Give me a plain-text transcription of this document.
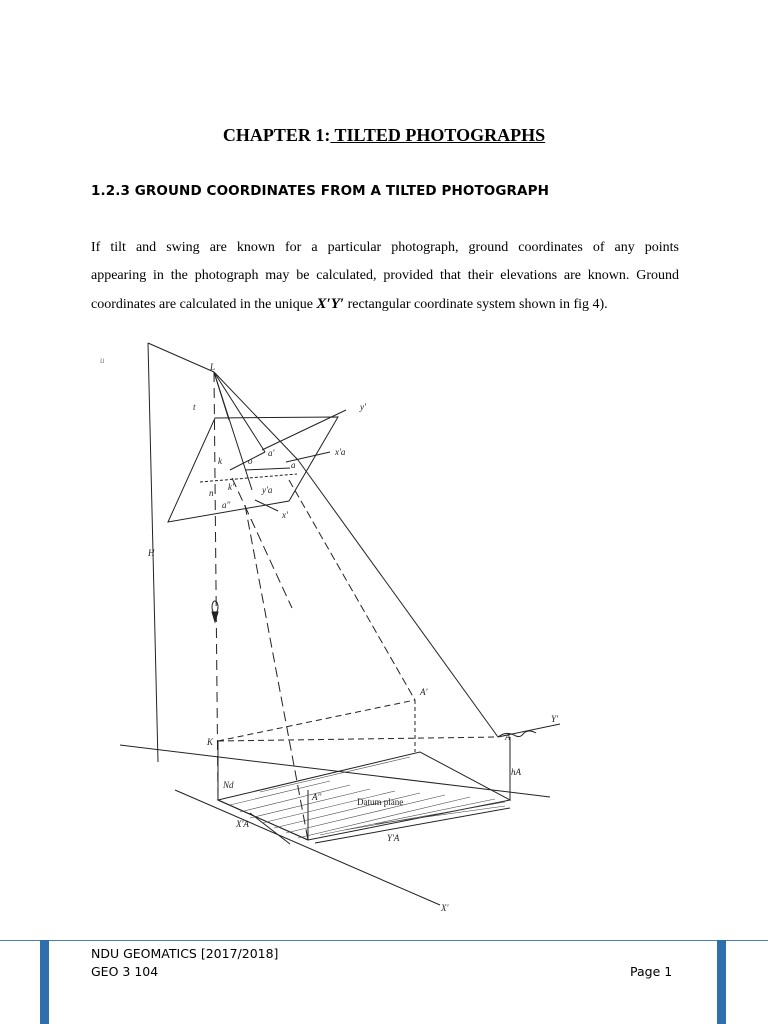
CHAPTER 1: TILTED PHOTOGRAPHS
1.2.3 GROUND COORDINATES FROM A TILTED PHOTOGRAPH
If tilt and swing are known for a particular photograph, ground coordinates of any points
appearing in the photograph may be calculated, provided that their elevations are known. Ground
coordinates are calculated in the unique X′Y′ rectangular coordinate system shown in fig 4).
L
t	y'
k	o
a'
a
x'a
n
k'	y'a
a''
x'
H
A'
Y'
K	A
hA
Nd
A''	Datum plane
X'A
Y'A
X'
u
NDU GEOMATICS [2017/2018]
GEO 3 104	Page 1
